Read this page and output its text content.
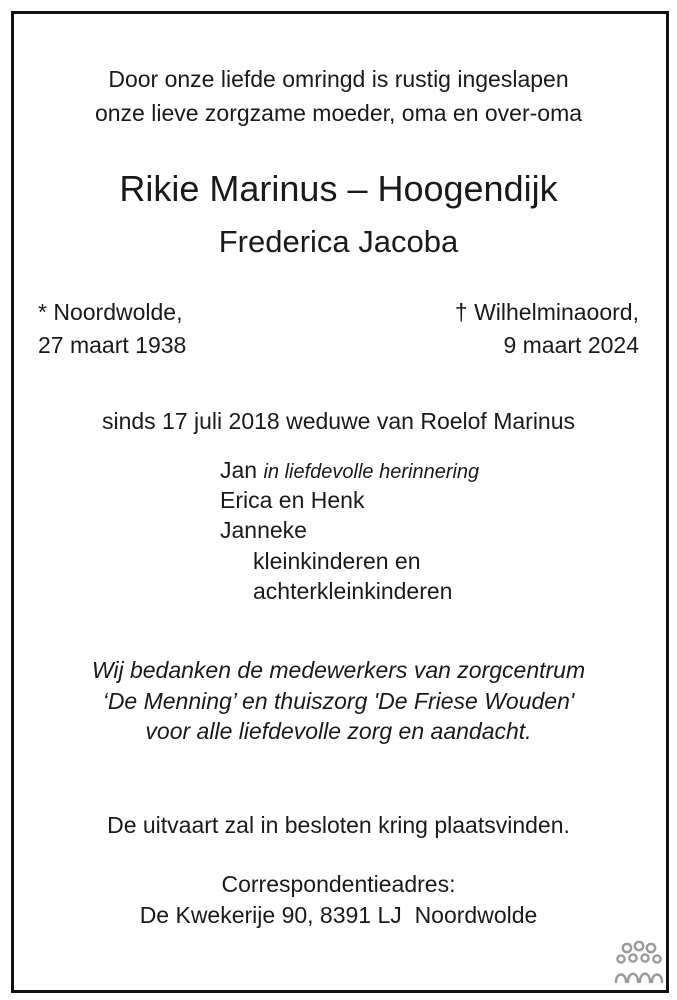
Door onze liefde omringd is rustig ingeslapen
onze lieve zorgzame moeder, oma en over-oma
Rikie Marinus – Hoogendijk
Frederica Jacoba
* Noordwolde,
27 maart 1938
† Wilhelminaoord,
9 maart 2024
sinds 17 juli 2018 weduwe van Roelof Marinus
Jan in liefdevolle herinnering
Erica en Henk
Janneke
kleinkinderen en
achterkleinkinderen
Wij bedanken de medewerkers van zorgcentrum
‘De Menning’ en thuiszorg 'De Friese Wouden'
voor alle liefdevolle zorg en aandacht.
De uitvaart zal in besloten kring plaatsvinden.
Correspondentieadres:
De Kwekerije 90, 8391 LJ  Noordwolde
